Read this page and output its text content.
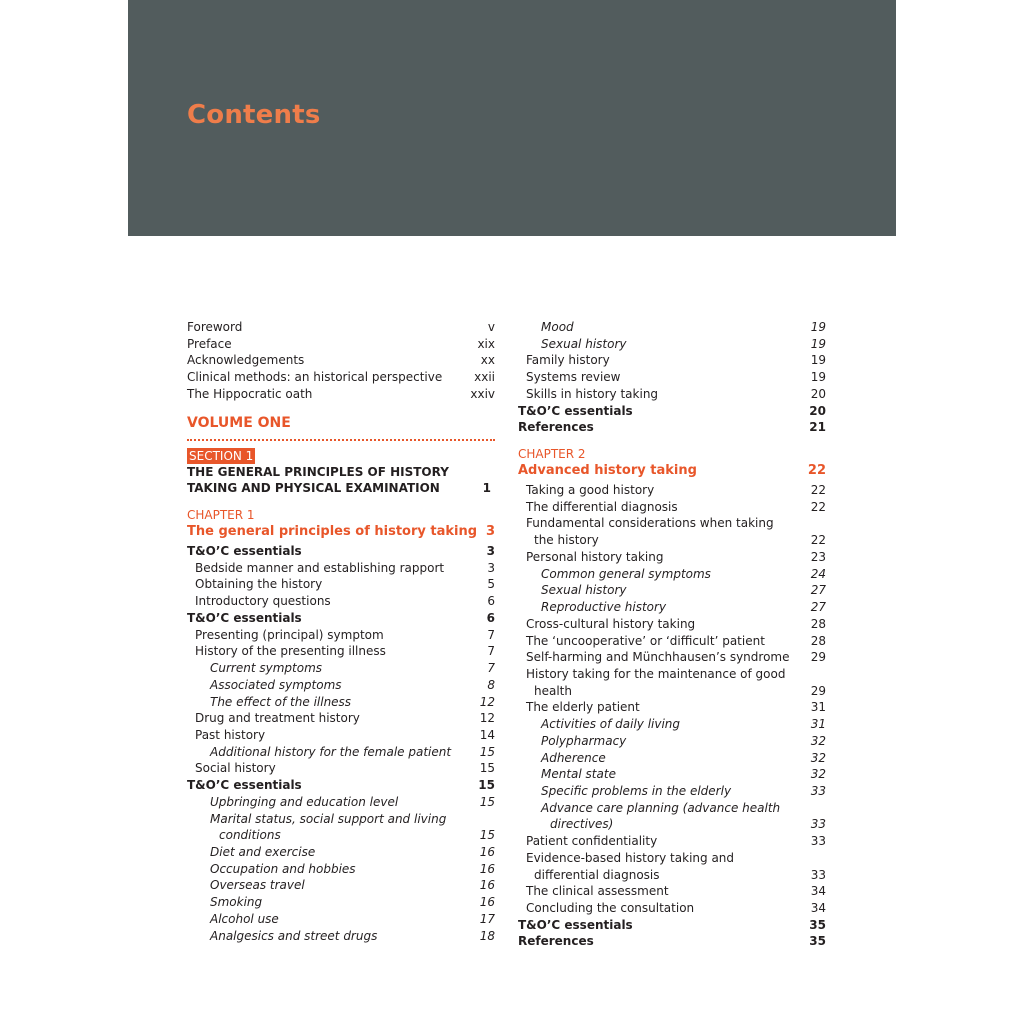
Contents
Foreword	v
Preface	xix
Acknowledgements	xx
Clinical methods: an historical perspective	xxii
The Hippocratic oath	xxiv
VOLUME ONE
SECTION 1
THE GENERAL PRINCIPLES OF HISTORY
TAKING AND PHYSICAL EXAMINATION	1
CHAPTER 1
The general principles of history taking 3
T&O’C essentials	3
Bedside manner and establishing rapport	3
Obtaining the history	5
Introductory questions	6
T&O’C essentials	6
Presenting (principal) symptom	7
History of the presenting illness	7
Current symptoms	7
Associated symptoms	8
The effect of the illness	12
Drug and treatment history	12
Past history	14
Additional history for the female patient 15
Social history	15
T&O’C essentials	15
Upbringing and education level	15
Marital status, social support and living
conditions	15
Diet and exercise	16
Occupation and hobbies	16
Overseas travel	16
Smoking	16
Alcohol use	17
Analgesics and street drugs	18
Mood	19
Sexual history	19
Family history	19
Systems review	19
Skills in history taking	20
T&O’C essentials	20
References	21
CHAPTER 2
Advanced history taking	22
Taking a good history	22
The differential diagnosis	22
Fundamental considerations when taking
the history	22
Personal history taking	23
Common general symptoms	24
Sexual history	27
Reproductive history	27
Cross-cultural history taking	28
The ‘uncooperative’ or ‘difficult’ patient	28
Self-harming and Münchhausen’s syndrome 29
History taking for the maintenance of good
health	29
The elderly patient	31
Activities of daily living	31
Polypharmacy	32
Adherence	32
Mental state	32
Specific problems in the elderly	33
Advance care planning (advance health
directives)	33
Patient confidentiality	33
Evidence-based history taking and
differential diagnosis	33
The clinical assessment	34
Concluding the consultation	34
T&O’C essentials	35
References	35
